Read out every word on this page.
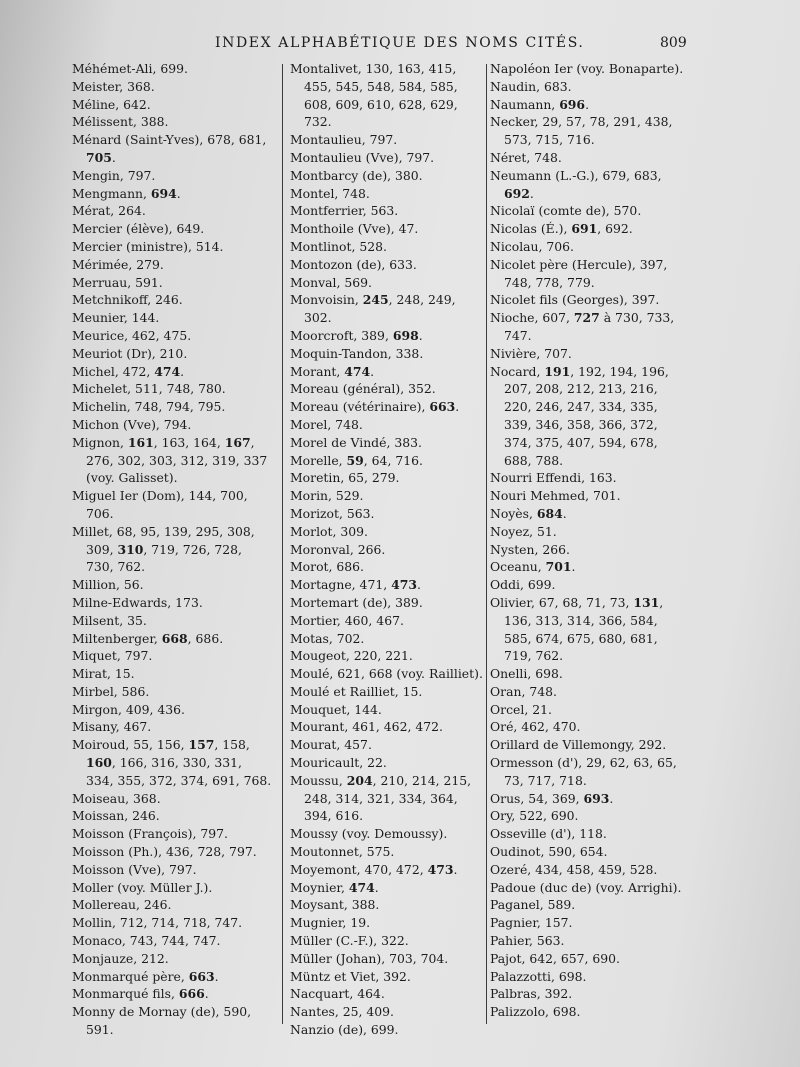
INDEX ALPHABÉTIQUE DES NOMS CITÉS.	809

Méhémet-Ali, 699.

Meister, 368.

Méline, 642.

Mélissent, 388.

Ménard (Saint-Yves), 678, 681, 705.

Mengin, 797.

Mengmann, 694.

Mérat, 264.

Mercier (élève), 649.

Mercier (ministre), 514.

Mérimée, 279.

Merruau, 591.

Metchnikoff, 246.

Meunier, 144.

Meurice, 462, 475.

Meuriot (Dr), 210.

Michel, 472, 474.

Michelet, 511, 748, 780.

Michelin, 748, 794, 795.

Michon (Vve), 794.

Mignon, 161, 163, 164, 167, 276, 302, 303, 312, 319, 337 (voy. Galisset).

Miguel Ier (Dom), 144, 700, 706.

Millet, 68, 95, 139, 295, 308, 309, 310, 719, 726, 728, 730, 762.

Million, 56.

Milne-Edwards, 173.

Milsent, 35.

Miltenberger, 668, 686.

Miquet, 797.

Mirat, 15.

Mirbel, 586.

Mirgon, 409, 436.

Misany, 467.

Moiroud, 55, 156, 157, 158, 160, 166, 316, 330, 331, 334, 355, 372, 374, 691, 768.

Moiseau, 368.

Moissan, 246.

Moisson (François), 797.

Moisson (Ph.), 436, 728, 797.

Moisson (Vve), 797.

Moller (voy. Müller J.).

Mollereau, 246.

Mollin, 712, 714, 718, 747.

Monaco, 743, 744, 747.

Monjauze, 212.

Monmarqué père, 663.

Monmarqué fils, 666.

Monny de Mornay (de), 590, 591.

Montalivet, 130, 163, 415, 455, 545, 548, 584, 585, 608, 609, 610, 628, 629, 732.

Montaulieu, 797.

Montaulieu (Vve), 797.

Montbarcy (de), 380.

Montel, 748.

Montferrier, 563.

Monthoile (Vve), 47.

Montlinot, 528.

Montozon (de), 633.

Monval, 569.

Monvoisin, 245, 248, 249, 302.

Moorcroft, 389, 698.

Moquin-Tandon, 338.

Morant, 474.

Moreau (général), 352.

Moreau (vétérinaire), 663.

Morel, 748.

Morel de Vindé, 383.

Morelle, 59, 64, 716.

Moretin, 65, 279.

Morin, 529.

Morizot, 563.

Morlot, 309.

Moronval, 266.

Morot, 686.

Mortagne, 471, 473.

Mortemart (de), 389.

Mortier, 460, 467.

Motas, 702.

Mougeot, 220, 221.

Moulé, 621, 668 (voy. Railliet).

Moulé et Railliet, 15.

Mouquet, 144.

Mourant, 461, 462, 472.

Mourat, 457.

Mouricault, 22.

Moussu, 204, 210, 214, 215, 248, 314, 321, 334, 364, 394, 616.

Moussy (voy. Demoussy).

Moutonnet, 575.

Moyemont, 470, 472, 473.

Moynier, 474.

Moysant, 388.

Mugnier, 19.

Müller (C.-F.), 322.

Müller (Johan), 703, 704.

Müntz et Viet, 392.

Nacquart, 464.

Nantes, 25, 409.

Nanzio (de), 699.

Napoléon Ier (voy. Bonaparte).

Naudin, 683.

Naumann, 696.

Necker, 29, 57, 78, 291, 438, 573, 715, 716.

Néret, 748.

Neumann (L.-G.), 679, 683, 692.

Nicolaï (comte de), 570.

Nicolas (É.), 691, 692.

Nicolau, 706.

Nicolet père (Hercule), 397, 748, 778, 779.

Nicolet fils (Georges), 397.

Nioche, 607, 727 à 730, 733, 747.

Nivière, 707.

Nocard, 191, 192, 194, 196, 207, 208, 212, 213, 216, 220, 246, 247, 334, 335, 339, 346, 358, 366, 372, 374, 375, 407, 594, 678, 688, 788.

Nourri Effendi, 163.

Nouri Mehmed, 701.

Noyès, 684.

Noyez, 51.

Nysten, 266.

Oceanu, 701.

Oddi, 699.

Olivier, 67, 68, 71, 73, 131, 136, 313, 314, 366, 584, 585, 674, 675, 680, 681, 719, 762.

Onelli, 698.

Oran, 748.

Orcel, 21.

Oré, 462, 470.

Orillard de Villemongy, 292.

Ormesson (d'), 29, 62, 63, 65, 73, 717, 718.

Orus, 54, 369, 693.

Ory, 522, 690.

Osseville (d'), 118.

Oudinot, 590, 654.

Ozeré, 434, 458, 459, 528.

Padoue (duc de) (voy. Arrighi).

Paganel, 589.

Pagnier, 157.

Pahier, 563.

Pajot, 642, 657, 690.

Palazzotti, 698.

Palbras, 392.

Palizzolo, 698.
